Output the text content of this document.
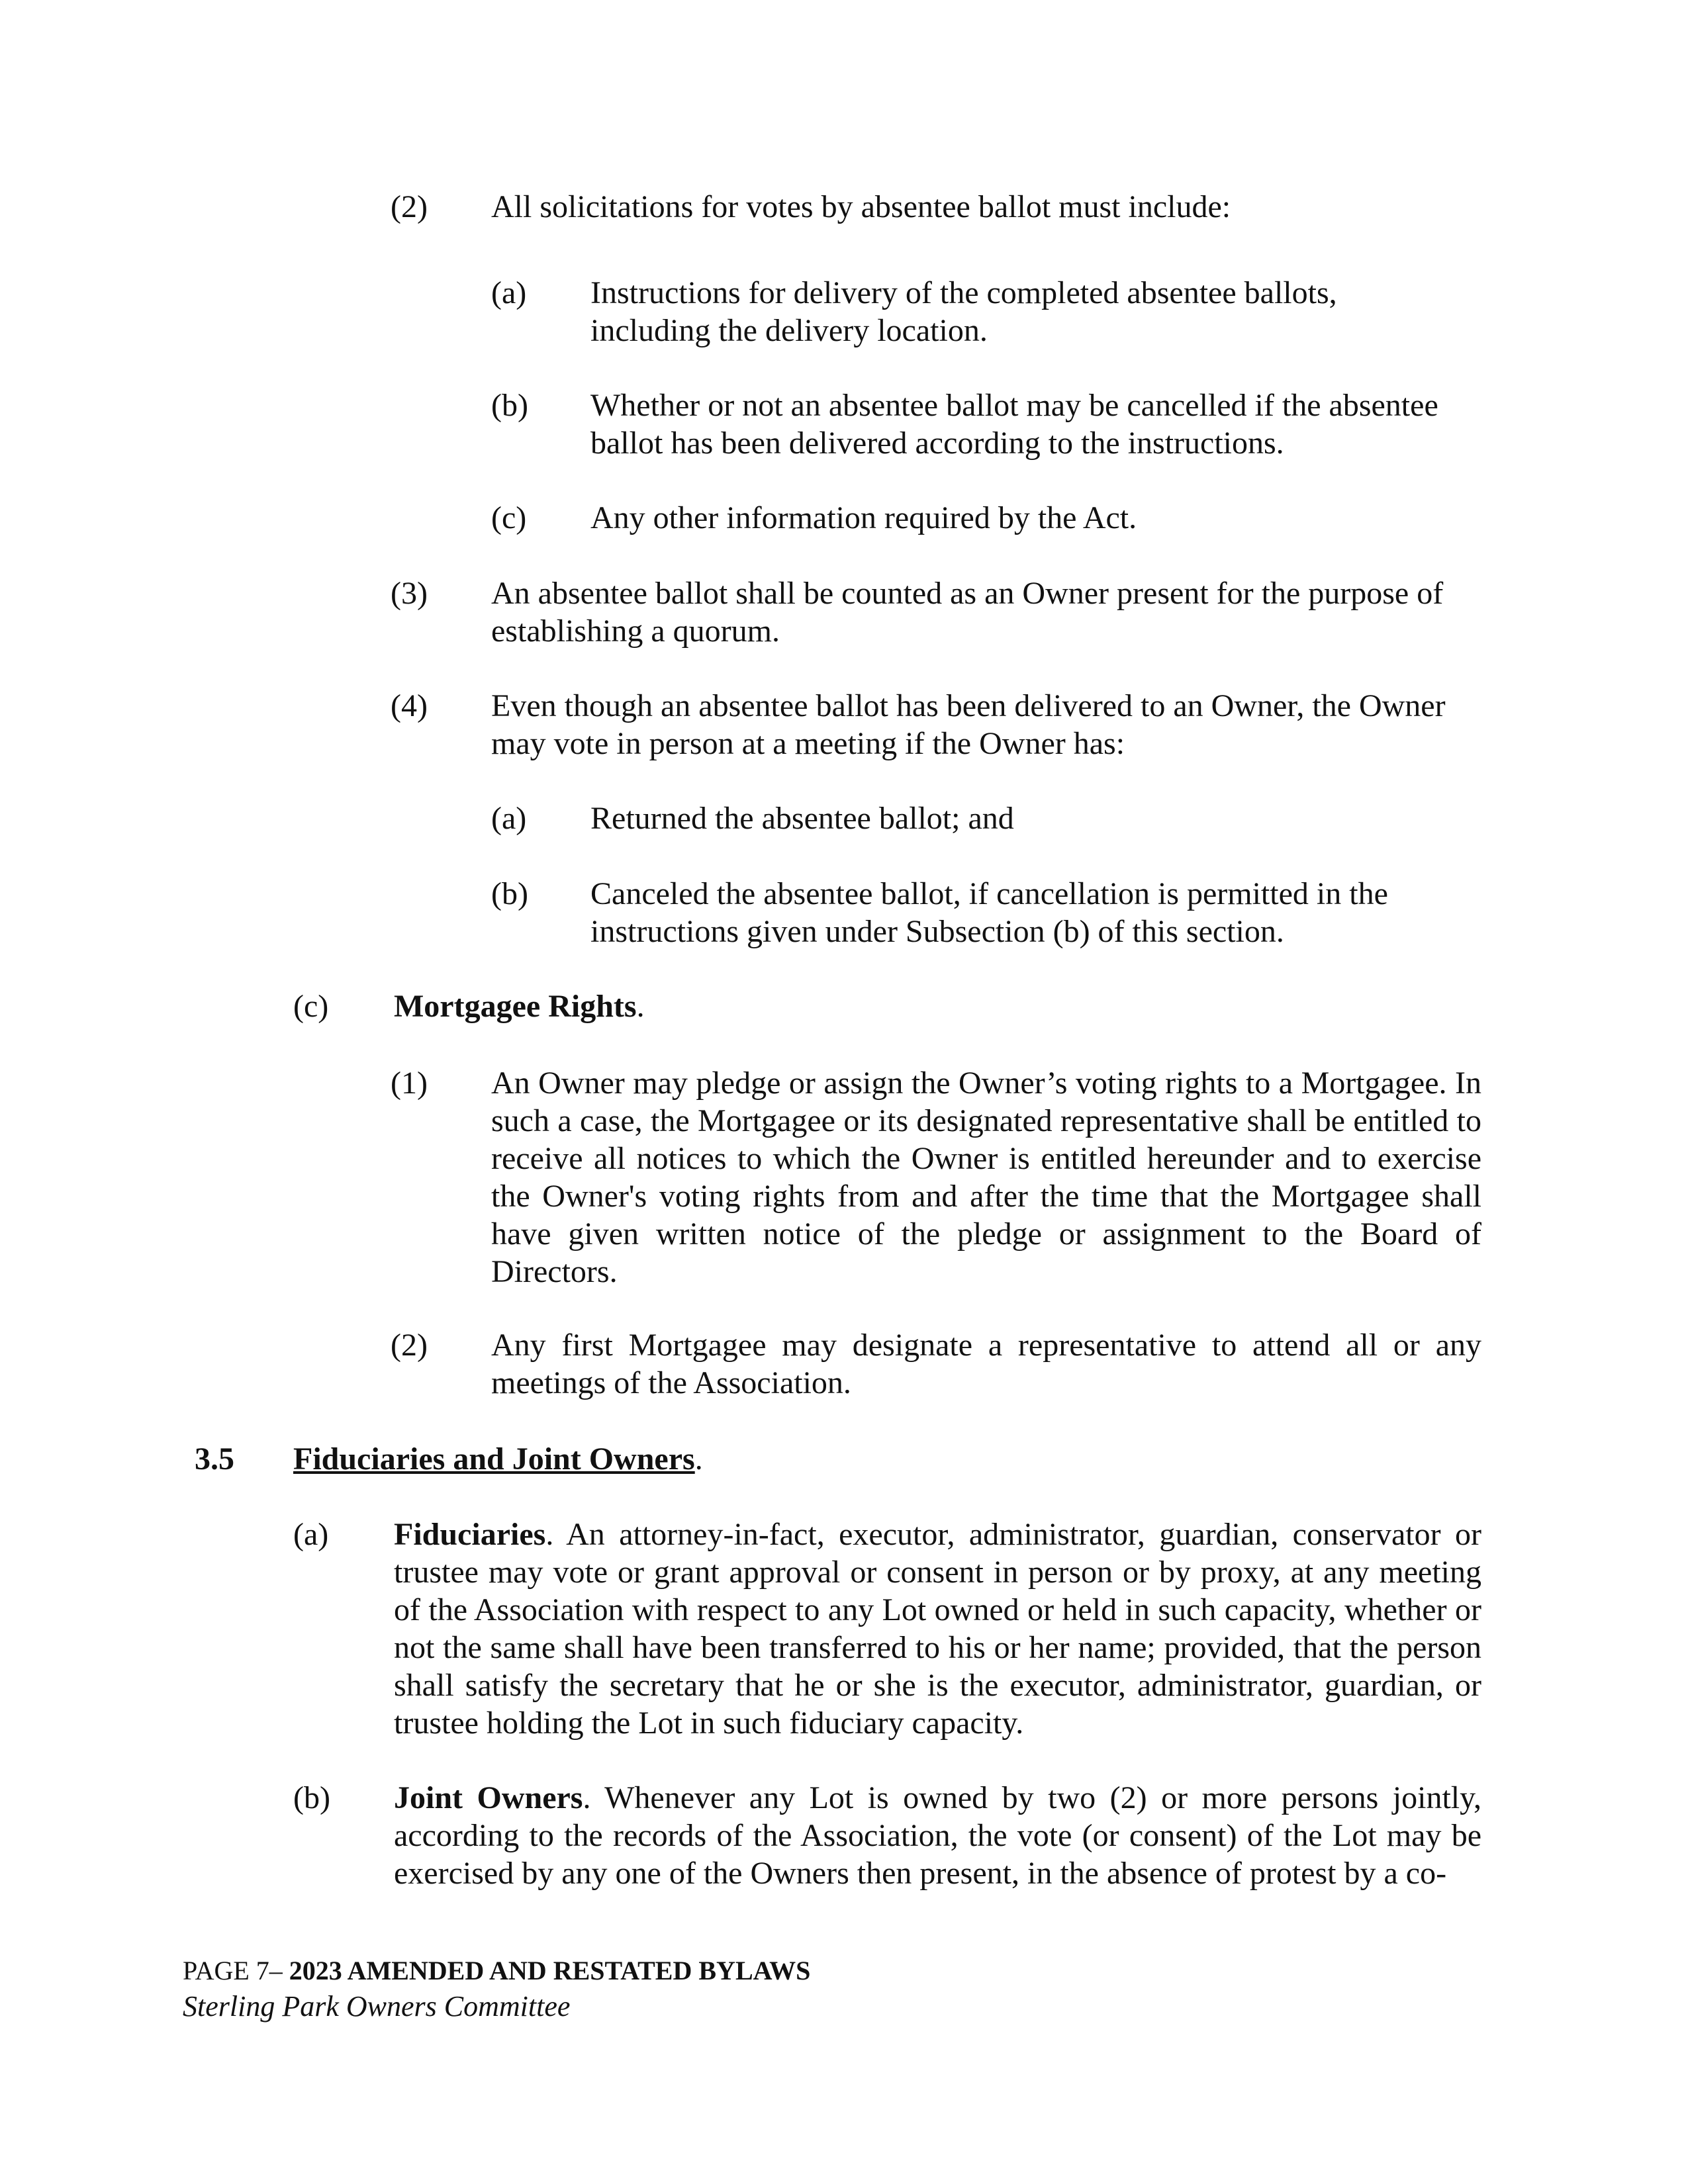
(2) All solicitations for votes by absentee ballot must include:
(a) Instructions for delivery of the completed absentee ballots, including the delivery location.
(b) Whether or not an absentee ballot may be cancelled if the absentee ballot has been delivered according to the instructions.
(c) Any other information required by the Act.
(3) An absentee ballot shall be counted as an Owner present for the purpose of establishing a quorum.
(4) Even though an absentee ballot has been delivered to an Owner, the Owner may vote in person at a meeting if the Owner has:
(a) Returned the absentee ballot; and
(b) Canceled the absentee ballot, if cancellation is permitted in the instructions given under Subsection (b) of this section.
(c) Mortgagee Rights.
(1) An Owner may pledge or assign the Owner’s voting rights to a Mortgagee. In such a case, the Mortgagee or its designated representative shall be entitled to receive all notices to which the Owner is entitled hereunder and to exercise the Owner's voting rights from and after the time that the Mortgagee shall have given written notice of the pledge or assignment to the Board of Directors.
(2) Any first Mortgagee may designate a representative to attend all or any meetings of the Association.
3.5 Fiduciaries and Joint Owners.
(a) Fiduciaries. An attorney-in-fact, executor, administrator, guardian, conservator or trustee may vote or grant approval or consent in person or by proxy, at any meeting of the Association with respect to any Lot owned or held in such capacity, whether or not the same shall have been transferred to his or her name; provided, that the person shall satisfy the secretary that he or she is the executor, administrator, guardian, or trustee holding the Lot in such fiduciary capacity.
(b) Joint Owners. Whenever any Lot is owned by two (2) or more persons jointly, according to the records of the Association, the vote (or consent) of the Lot may be exercised by any one of the Owners then present, in the absence of protest by a co-
PAGE 7– 2023 AMENDED AND RESTATED BYLAWS
Sterling Park Owners Committee
